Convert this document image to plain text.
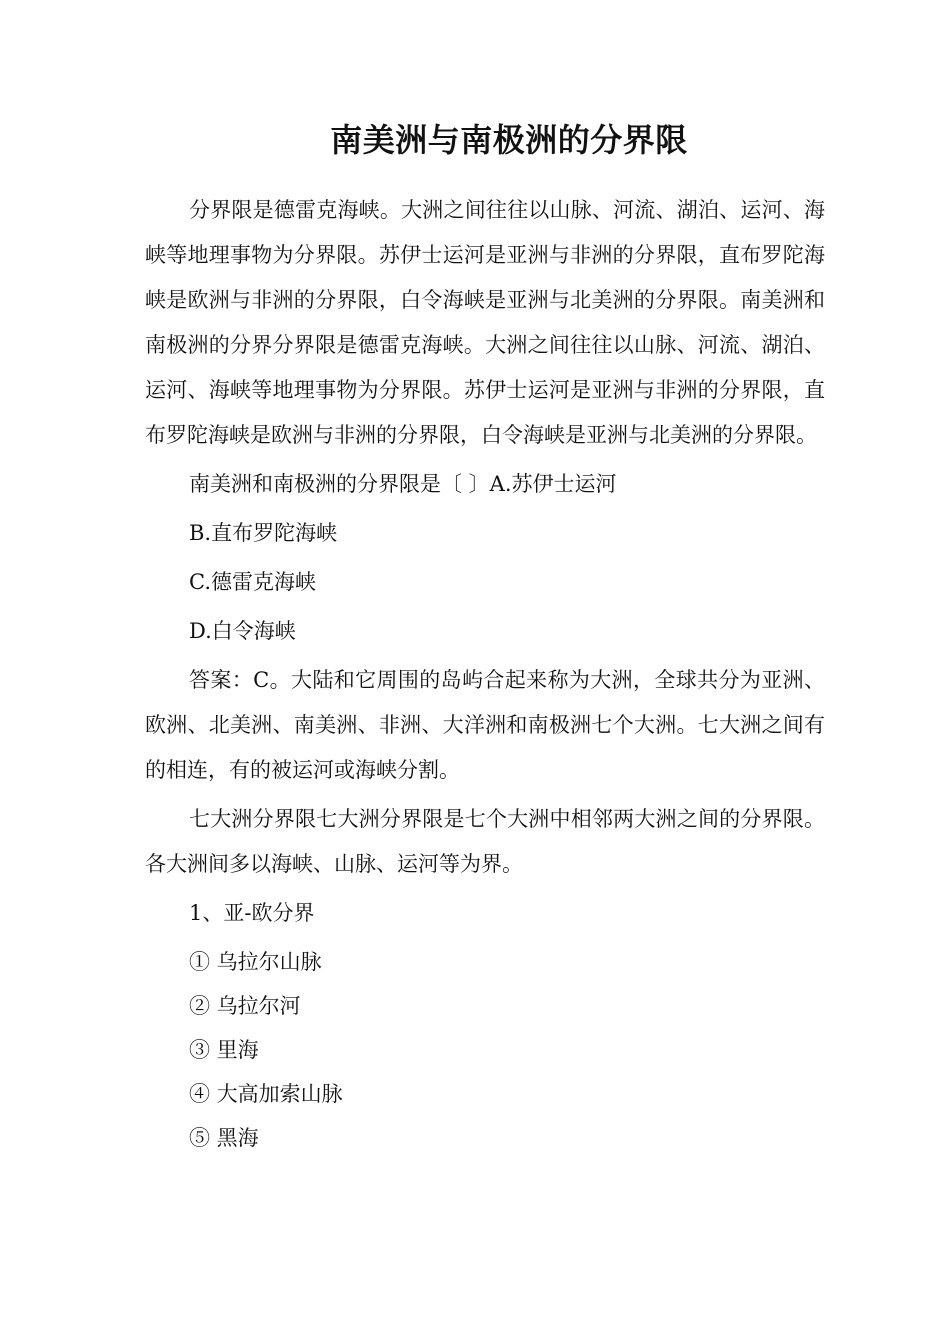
南美洲与南极洲的分界限

分界限是德雷克海峡。大洲之间往往以山脉、河流、湖泊、运河、海峡等地理事物为分界限。苏伊士运河是亚洲与非洲的分界限，直布罗陀海峡是欧洲与非洲的分界限，白令海峡是亚洲与北美洲的分界限。南美洲和南极洲的分界分界限是德雷克海峡。大洲之间往往以山脉、河流、湖泊、运河、海峡等地理事物为分界限。苏伊士运河是亚洲与非洲的分界限，直布罗陀海峡是欧洲与非洲的分界限，白令海峡是亚洲与北美洲的分界限。

南美洲和南极洲的分界限是〔 〕A.苏伊士运河

B.直布罗陀海峡

C.德雷克海峡

D.白令海峡

答案：C。大陆和它周围的岛屿合起来称为大洲，全球共分为亚洲、欧洲、北美洲、南美洲、非洲、大洋洲和南极洲七个大洲。七大洲之间有的相连，有的被运河或海峡分割。

七大洲分界限七大洲分界限是七个大洲中相邻两大洲之间的分界限。各大洲间多以海峡、山脉、运河等为界。

1、亚-欧分界

① 乌拉尔山脉

② 乌拉尔河

③ 里海

④ 大高加索山脉

⑤ 黑海
